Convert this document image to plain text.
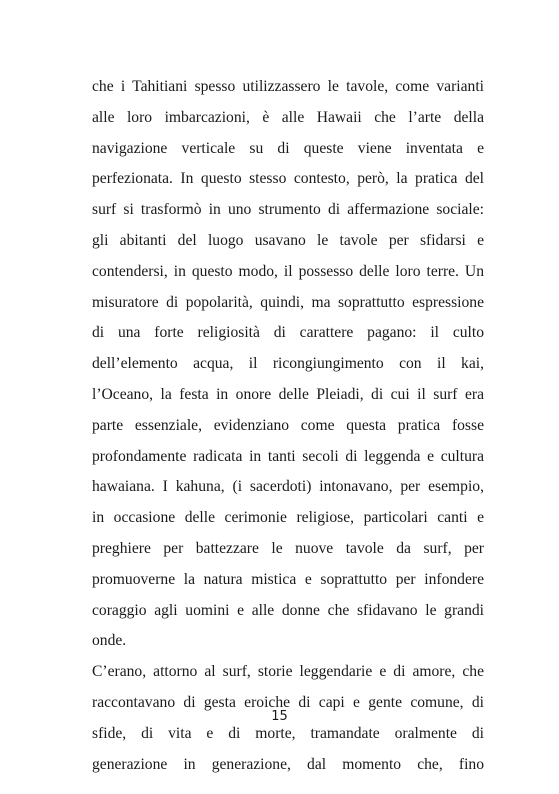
che i Tahitiani spesso utilizzassero le tavole, come varianti
alle loro imbarcazioni, è alle Hawaii che l’arte della
navigazione verticale su di queste viene inventata e
perfezionata. In questo stesso contesto, però, la pratica del
surf si trasformò in uno strumento di affermazione sociale:
gli abitanti del luogo usavano le tavole per sfidarsi e
contendersi, in questo modo, il possesso delle loro terre. Un
misuratore di popolarità, quindi, ma soprattutto espressione
di una forte religiosità di carattere pagano: il culto
dell’elemento acqua, il ricongiungimento con il kai,
l’Oceano, la festa in onore delle Pleiadi, di cui il surf era
parte essenziale, evidenziano come questa pratica fosse
profondamente radicata in tanti secoli di leggenda e cultura
hawaiana. I kahuna, (i sacerdoti) intonavano, per esempio,
in occasione delle cerimonie religiose, particolari canti e
preghiere per battezzare le nuove tavole da surf, per
promuoverne la natura mistica e soprattutto per infondere
coraggio agli uomini e alle donne che sfidavano le grandi
onde.
C’erano, attorno al surf, storie leggendarie e di amore, che
raccontavano di gesta eroiche di capi e gente comune, di
sfide, di vita e di morte, tramandate oralmente di
generazione in generazione, dal momento che, fino
15
